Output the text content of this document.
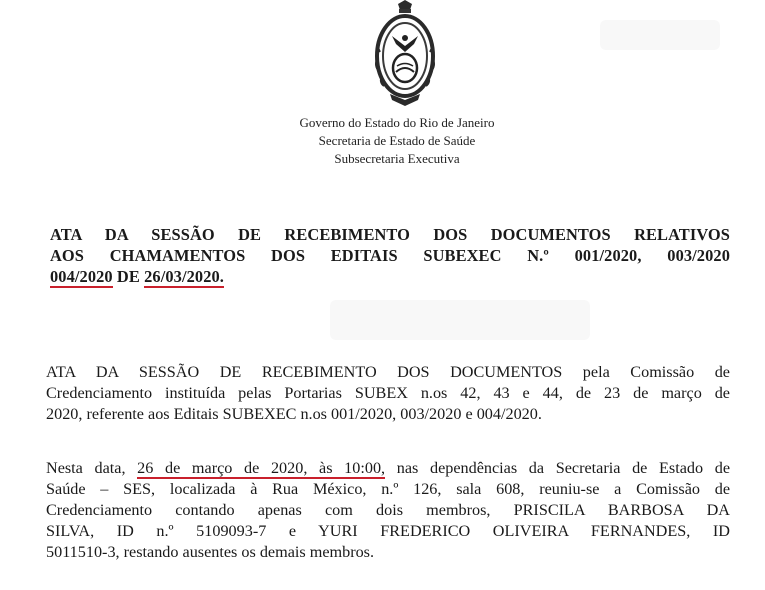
Governo do Estado do Rio de Janeiro
Secretaria de Estado de Saúde
Subsecretaria Executiva
ATA DA SESSÃO DE RECEBIMENTO DOS DOCUMENTOS RELATIVOS
AOS CHAMAMENTOS DOS EDITAIS SUBEXEC N.º 001/2020, 003/2020
004/2020 DE 26/03/2020.
ATA DA SESSÃO DE RECEBIMENTO DOS DOCUMENTOS pela Comissão de
Credenciamento instituída pelas Portarias SUBEX n.os 42, 43 e 44, de 23 de março de
2020, referente aos Editais SUBEXEC n.os 001/2020, 003/2020 e 004/2020.
Nesta data, 26 de março de 2020, às 10:00, nas dependências da Secretaria de Estado de
Saúde – SES, localizada à Rua México, n.º 126, sala 608, reuniu-se a Comissão de
Credenciamento contando apenas com dois membros, PRISCILA BARBOSA DA
SILVA, ID n.º 5109093-7 e YURI FREDERICO OLIVEIRA FERNANDES, ID
5011510-3, restando ausentes os demais membros.
